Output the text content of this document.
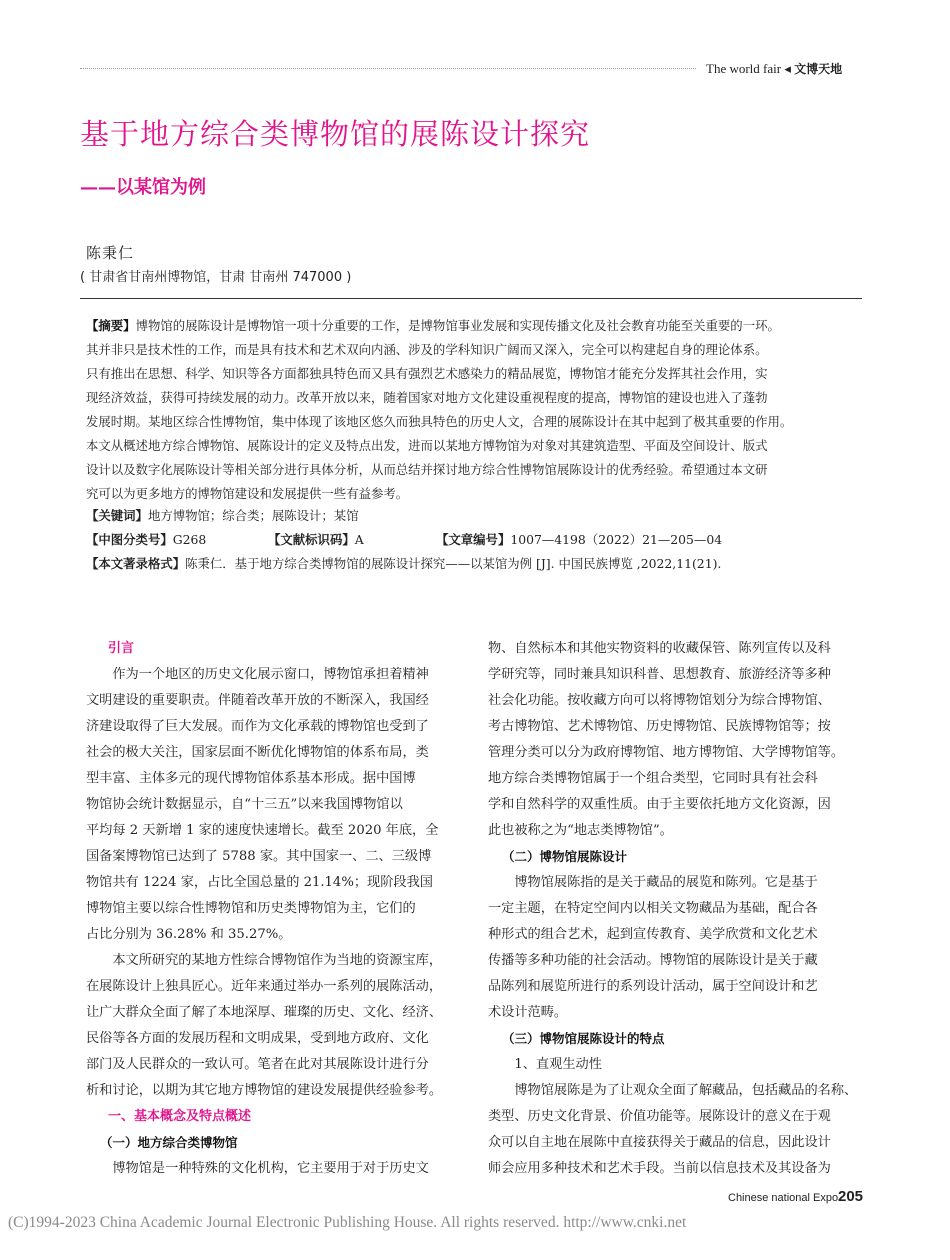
The world fair ◂ 文博天地
基于地方综合类博物馆的展陈设计探究
——以某馆为例
陈秉仁
( 甘肃省甘南州博物馆，甘肃 甘南州 747000 )
【摘要】博物馆的展陈设计是博物馆一项十分重要的工作，是博物馆事业发展和实现传播文化及社会教育功能至关重要的一环。
其并非只是技术性的工作，而是具有技术和艺术双向内涵、涉及的学科知识广阔而又深入，完全可以构建起自身的理论体系。
只有推出在思想、科学、知识等各方面都独具特色而又具有强烈艺术感染力的精品展览，博物馆才能充分发挥其社会作用，实
现经济效益，获得可持续发展的动力。改革开放以来，随着国家对地方文化建设重视程度的提高，博物馆的建设也进入了蓬勃
发展时期。某地区综合性博物馆，集中体现了该地区悠久而独具特色的历史人文，合理的展陈设计在其中起到了极其重要的作用。
本文从概述地方综合博物馆、展陈设计的定义及特点出发，进而以某地方博物馆为对象对其建筑造型、平面及空间设计、版式
设计以及数字化展陈设计等相关部分进行具体分析，从而总结并探讨地方综合性博物馆展陈设计的优秀经验。希望通过本文研
究可以为更多地方的博物馆建设和发展提供一些有益参考。
【关键词】地方博物馆；综合类；展陈设计；某馆
【中图分类号】G268	【文献标识码】A	【文章编号】1007—4198（2022）21—205—04
【本文著录格式】陈秉仁．基于地方综合类博物馆的展陈设计探究——以某馆为例 [J]. 中国民族博览 ,2022,11(21).
引言
　　作为一个地区的历史文化展示窗口，博物馆承担着精神
文明建设的重要职责。伴随着改革开放的不断深入，我国经
济建设取得了巨大发展。而作为文化承载的博物馆也受到了
社会的极大关注，国家层面不断优化博物馆的体系布局，类
型丰富、主体多元的现代博物馆体系基本形成。据中国博
物馆协会统计数据显示，自“十三五”以来我国博物馆以
平均每 2 天新增 1 家的速度快速增长。截至 2020 年底，全
国备案博物馆已达到了 5788 家。其中国家一、二、三级博
物馆共有 1224 家，占比全国总量的 21.14%；现阶段我国
博物馆主要以综合性博物馆和历史类博物馆为主，它们的
占比分别为 36.28% 和 35.27%。
　　本文所研究的某地方性综合博物馆作为当地的资源宝库，
在展陈设计上独具匠心。近年来通过举办一系列的展陈活动，
让广大群众全面了解了本地深厚、璀璨的历史、文化、经济、
民俗等各方面的发展历程和文明成果，受到地方政府、文化
部门及人民群众的一致认可。笔者在此对其展陈设计进行分
析和讨论，以期为其它地方博物馆的建设发展提供经验参考。
一、基本概念及特点概述
（一）地方综合类博物馆
　　博物馆是一种特殊的文化机构，它主要用于对于历史文
物、自然标本和其他实物资料的收藏保管、陈列宣传以及科
学研究等，同时兼具知识科普、思想教育、旅游经济等多种
社会化功能。按收藏方向可以将博物馆划分为综合博物馆、
考古博物馆、艺术博物馆、历史博物馆、民族博物馆等；按
管理分类可以分为政府博物馆、地方博物馆、大学博物馆等。
地方综合类博物馆属于一个组合类型，它同时具有社会科
学和自然科学的双重性质。由于主要依托地方文化资源，因
此也被称之为“地志类博物馆”。
（二）博物馆展陈设计
　　博物馆展陈指的是关于藏品的展览和陈列。它是基于
一定主题，在特定空间内以相关文物藏品为基础，配合各
种形式的组合艺术，起到宣传教育、美学欣赏和文化艺术
传播等多种功能的社会活动。博物馆的展陈设计是关于藏
品陈列和展览所进行的系列设计活动，属于空间设计和艺
术设计范畴。
（三）博物馆展陈设计的特点
　　1、直观生动性
　　博物馆展陈是为了让观众全面了解藏品，包括藏品的名称、
类型、历史文化背景、价值功能等。展陈设计的意义在于观
众可以自主地在展陈中直接获得关于藏品的信息，因此设计
师会应用多种技术和艺术手段。当前以信息技术及其设备为
Chinese national Expo 205
(C)1994-2023 China Academic Journal Electronic Publishing House. All rights reserved. http://www.cnki.net
